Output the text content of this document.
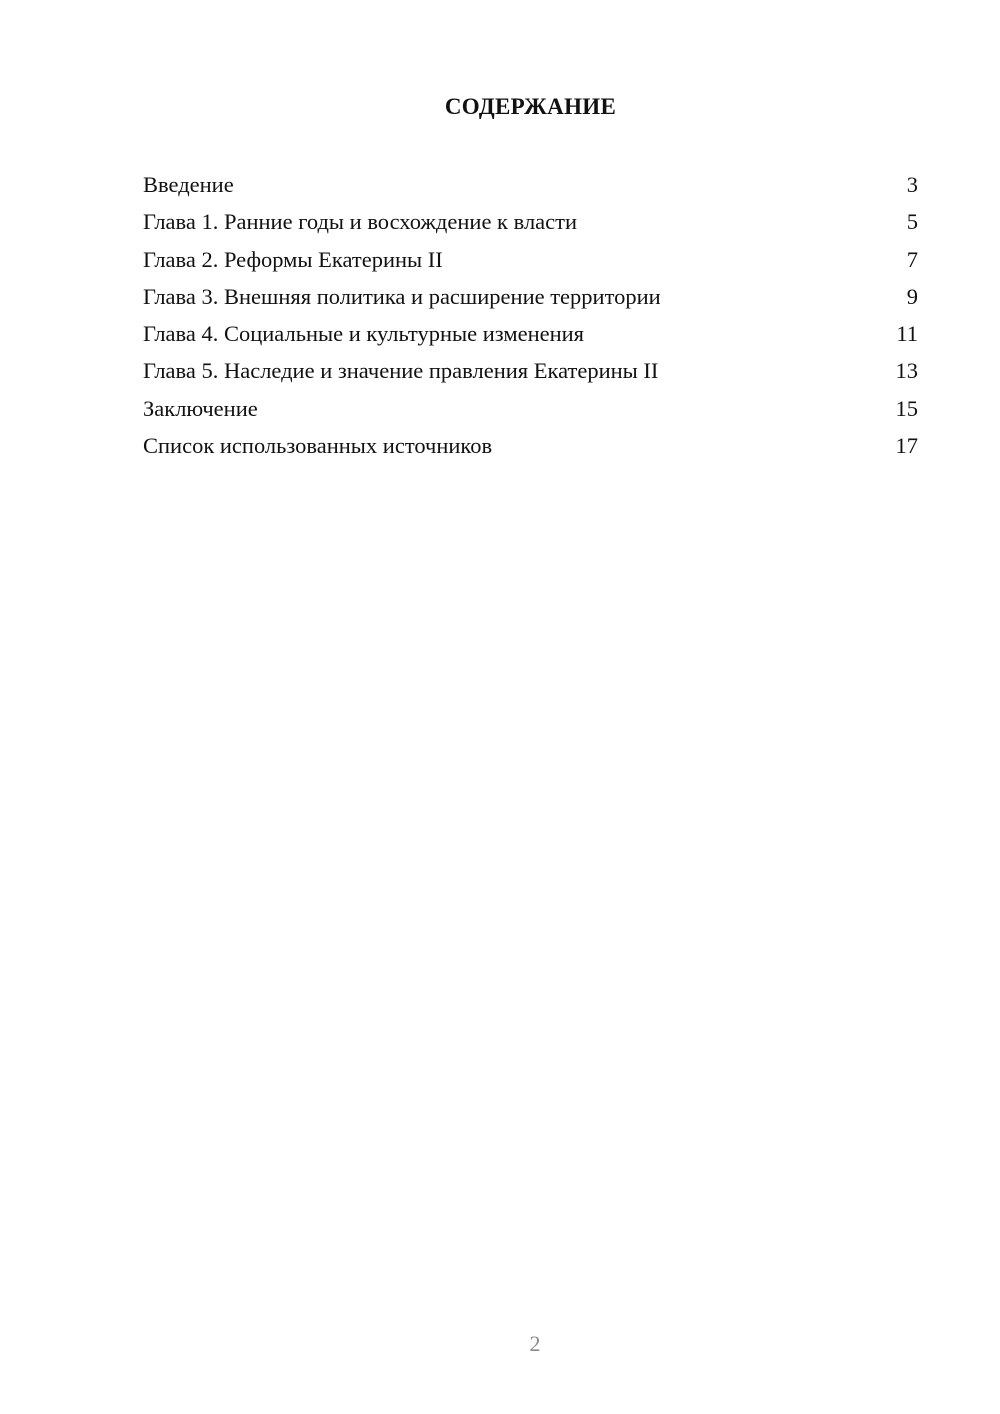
СОДЕРЖАНИЕ
Введение	3
Глава 1. Ранние годы и восхождение к власти	5
Глава 2. Реформы Екатерины II	7
Глава 3. Внешняя политика и расширение территории	9
Глава 4. Социальные и культурные изменения	11
Глава 5. Наследие и значение правления Екатерины II	13
Заключение	15
Список использованных источников	17
2
